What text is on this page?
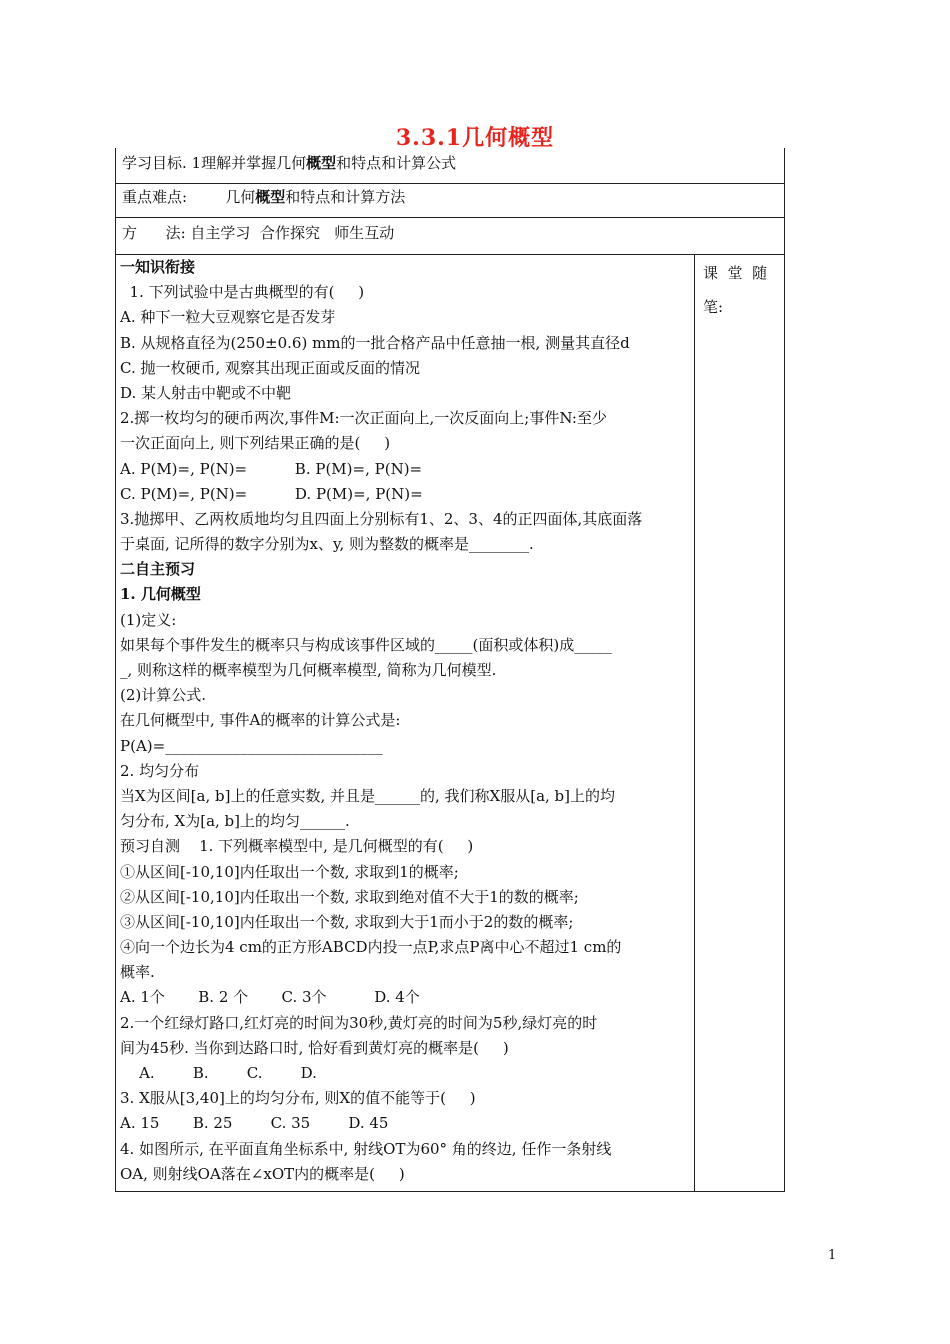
3.3.1几何概型
学习目标. 1理解并掌握几何概型和特点和计算公式
重点难点:        几何概型和特点和计算方法
方      法: 自主学习  合作探究   师生互动
一知识衔接
1. 下列试验中是古典概型的有(     )
A. 种下一粒大豆观察它是否发芽
B. 从规格直径为(250±0.6) mm的一批合格产品中任意抽一根, 测量其直径d
C. 抛一枚硬币, 观察其出现正面或反面的情况
D. 某人射击中靶或不中靶
2.掷一枚均匀的硬币两次,事件M:一次正面向上,一次反面向上;事件N:至少
一次正面向上, 则下列结果正确的是(     )
A. P(M)=, P(N)=          B. P(M)=, P(N)=
C. P(M)=, P(N)=          D. P(M)=, P(N)=
3.抛掷甲、乙两枚质地均匀且四面上分别标有1、2、3、4的正四面体,其底面落
于桌面, 记所得的数字分别为x、y, 则为整数的概率是________.
二自主预习
1. 几何概型
(1)定义:
如果每个事件发生的概率只与构成该事件区域的_____(面积或体积)成_____
_, 则称这样的概率模型为几何概率模型, 简称为几何模型.
(2)计算公式.
在几何概型中, 事件A的概率的计算公式是:
P(A)=_____________________________
2. 均匀分布
当X为区间[a, b]上的任意实数, 并且是______的, 我们称X服从[a, b]上的均
匀分布, X为[a, b]上的均匀______.
预习自测    1. 下列概率模型中, 是几何概型的有(     )
①从区间[-10,10]内任取出一个数, 求取到1的概率;
②从区间[-10,10]内任取出一个数, 求取到绝对值不大于1的数的概率;
③从区间[-10,10]内任取出一个数, 求取到大于1而小于2的数的概率;
④向一个边长为4 cm的正方形ABCD内投一点P,求点P离中心不超过1 cm的
概率.
A. 1个       B. 2 个       C. 3个          D. 4个
2.一个红绿灯路口,红灯亮的时间为30秒,黄灯亮的时间为5秒,绿灯亮的时
间为45秒. 当你到达路口时, 恰好看到黄灯亮的概率是(     )
A.        B.        C.        D.
3. X服从[3,40]上的均匀分布, 则X的值不能等于(     )
A. 15       B. 25        C. 35        D. 45
4. 如图所示, 在平面直角坐标系中, 射线OT为60° 角的终边, 任作一条射线
OA, 则射线OA落在∠xOT内的概率是(     )
课  堂  随
笔:
1
